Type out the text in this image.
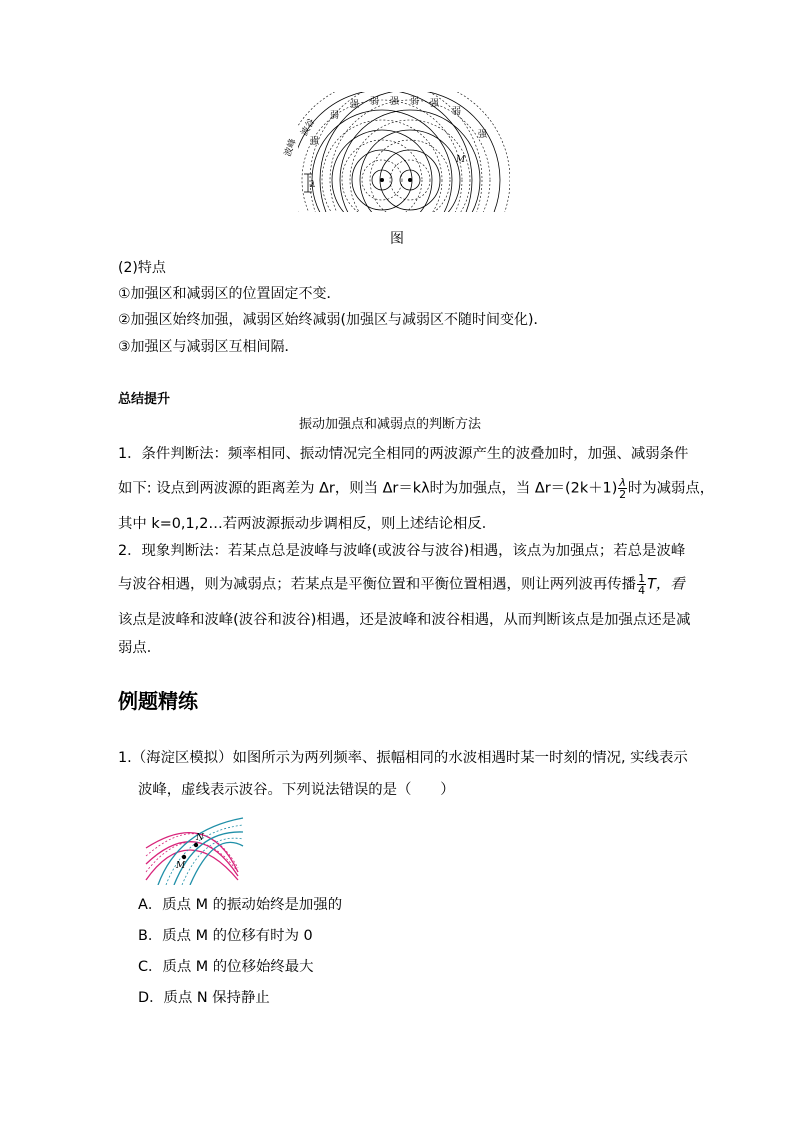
波峰
波谷
强
弱
强 弱 强 弱 强
弱
强
λ
M
图
(2)特点
①加强区和减弱区的位置固定不变．
②加强区始终加强，减弱区始终减弱(加强区与减弱区不随时间变化)．
③加强区与减弱区互相间隔．
总结提升
振动加强点和减弱点的判断方法
1．条件判断法：频率相同、振动情况完全相同的两波源产生的波叠加时，加强、减弱条件
如下: 设点到两波源的距离差为 Δr，则当 Δr＝kλ时为加强点，当 $\Delta r=(2k+1) \frac{\lambda}{2}$ 时为减弱点，
其中 k=0,1,2…若两波源振动步调相反，则上述结论相反．
2．现象判断法：若某点总是波峰与波峰(或波谷与波谷)相遇，该点为加强点；若总是波峰
与波谷相遇，则为减弱点；若某点是平衡位置和平衡位置相遇，则让两列波再传播 $\frac{1}{4}$ T，看
该点是波峰和波峰(波谷和波谷)相遇，还是波峰和波谷相遇，从而判断该点是加强点还是减
弱点．
例题精练
1.（海淀区模拟）如图所示为两列频率、振幅相同的水波相遇时某一时刻的情况, 实线表示
波峰，虚线表示波谷。下列说法错误的是（　　）
N
M
A．质点 M 的振动始终是加强的
B．质点 M 的位移有时为 0
C．质点 M 的位移始终最大
D．质点 N 保持静止
